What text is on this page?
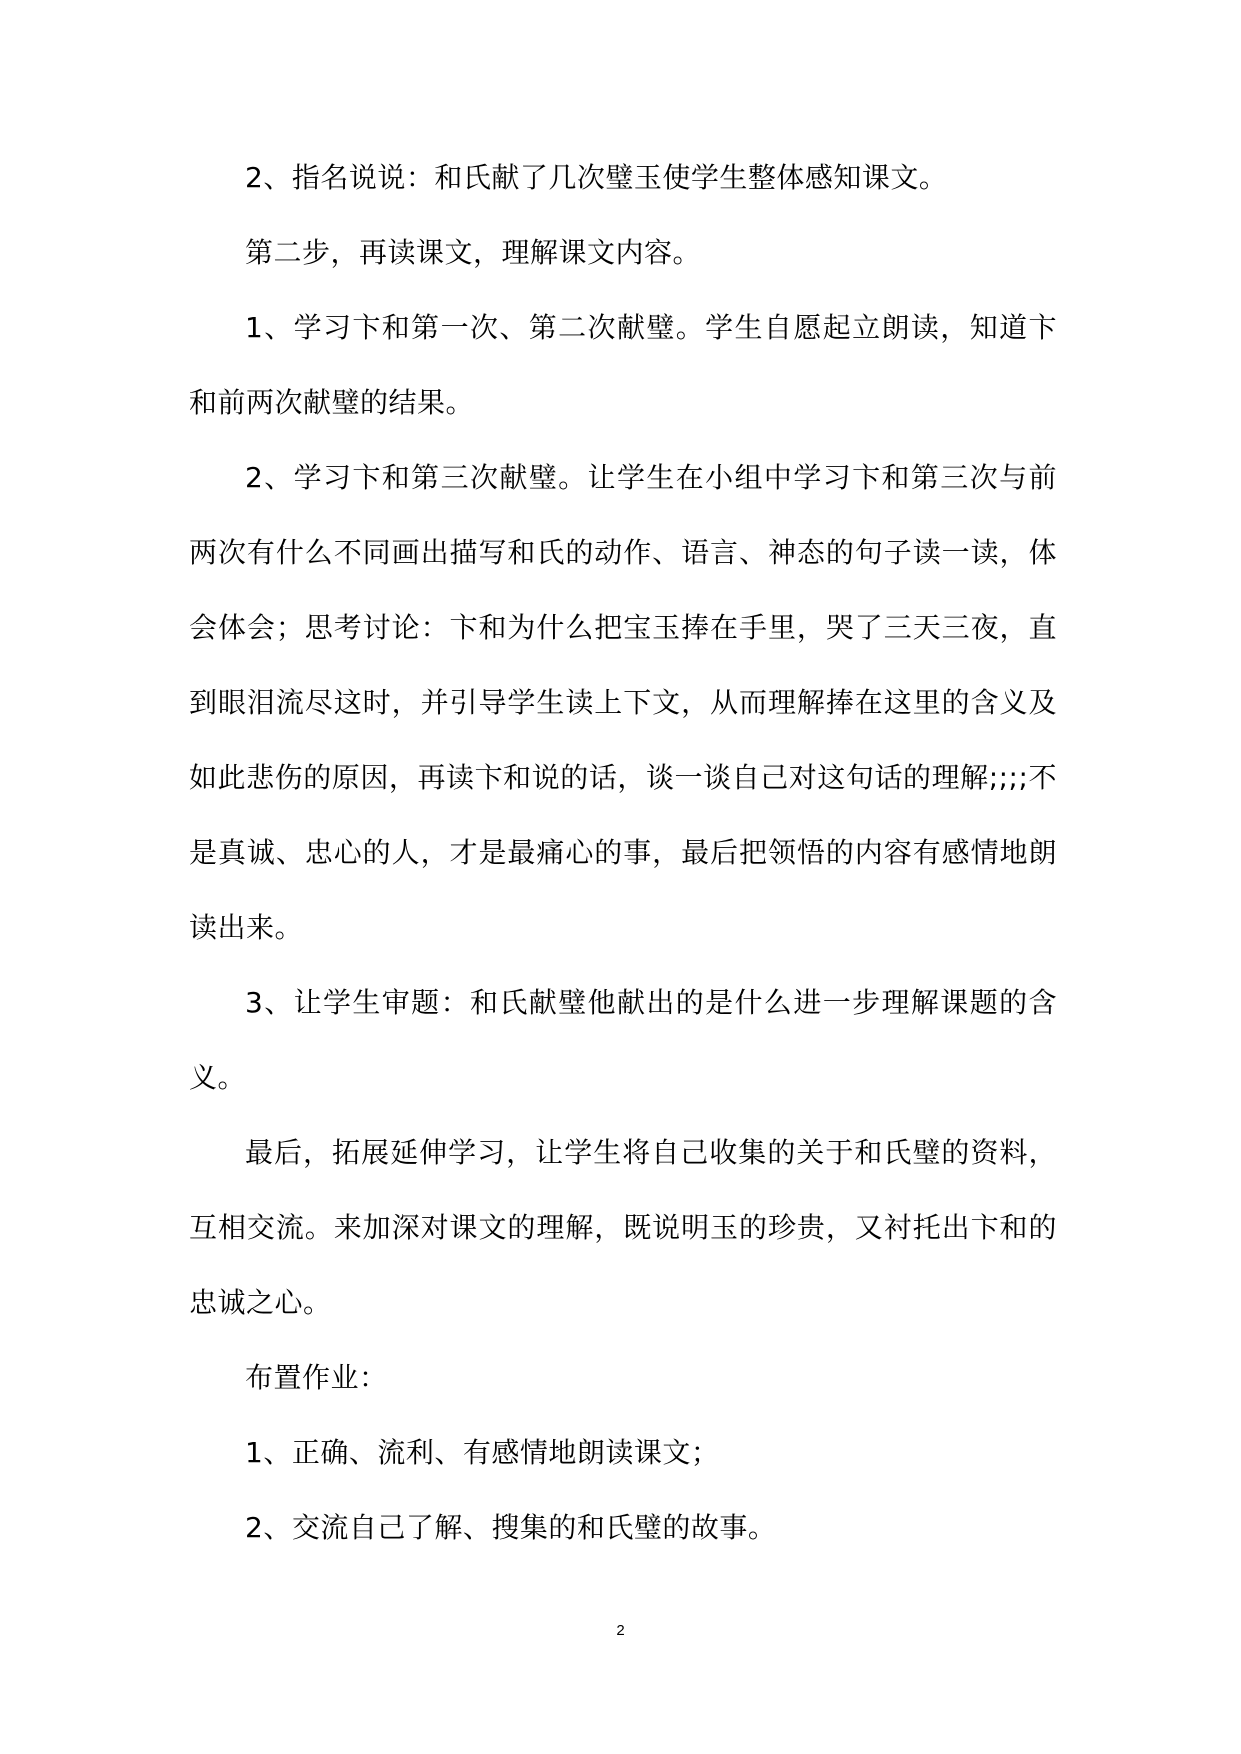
2、指名说说：和氏献了几次璧玉使学生整体感知课文。

第二步，再读课文，理解课文内容。

1、学习卞和第一次、第二次献璧。学生自愿起立朗读，知道卞和前两次献璧的结果。

2、学习卞和第三次献璧。让学生在小组中学习卞和第三次与前两次有什么不同画出描写和氏的动作、语言、神态的句子读一读，体会体会；思考讨论：卞和为什么把宝玉捧在手里，哭了三天三夜，直到眼泪流尽这时，并引导学生读上下文，从而理解捧在这里的含义及如此悲伤的原因，再读卞和说的话，谈一谈自己对这句话的理解;;;;不是真诚、忠心的人，才是最痛心的事，最后把领悟的内容有感情地朗读出来。

3、让学生审题：和氏献璧他献出的是什么进一步理解课题的含义。

最后，拓展延伸学习，让学生将自己收集的关于和氏璧的资料，互相交流。来加深对课文的理解，既说明玉的珍贵，又衬托出卞和的忠诚之心。

布置作业：

1、正确、流利、有感情地朗读课文；

2、交流自己了解、搜集的和氏璧的故事。

2
